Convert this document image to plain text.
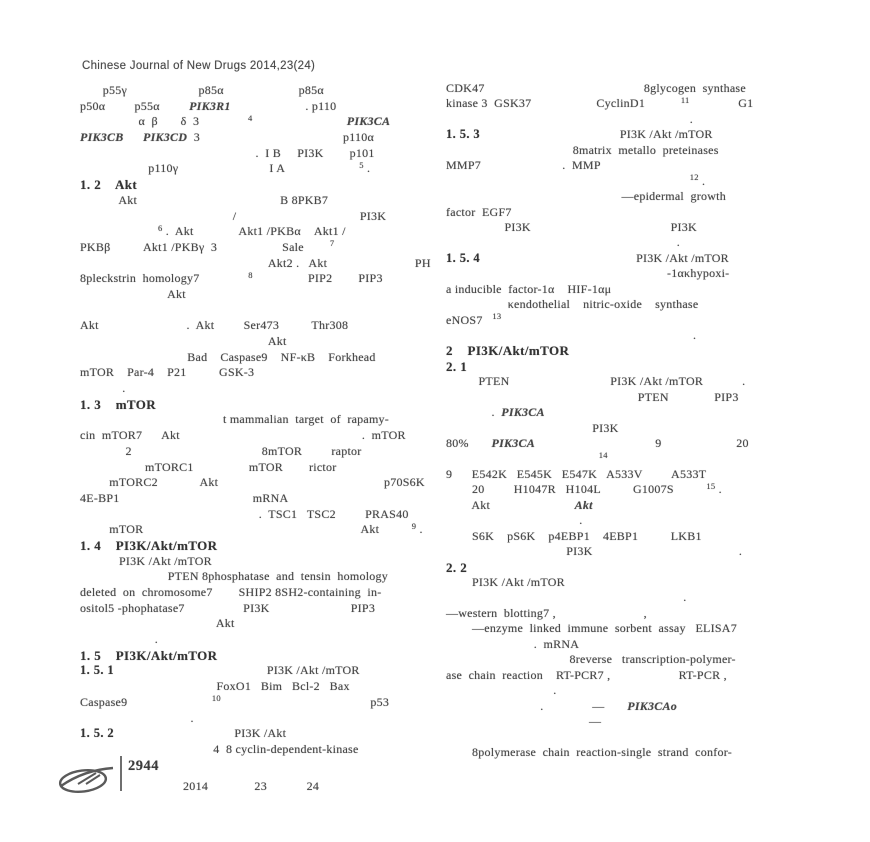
Chinese Journal of New Drugs 2014,23(24)
p55γ                      p85α                       p85α
p50α         p55α         PIK3R1                       . p110
α  β       δ  3               $^4$	PIK3CA
PIK3CB PIK3CD  3                                            p110α
.  I B     PI3K        p101
p110γ                            I A                       $^5$ .
1. 2    Akt
Akt                                            B 8PKB7
/                                      PI3K
$^6$ .  Akt              Akt1 /PKBα    Akt1 /
PKBβ          Akt1 /PKBγ  3                    Sale        $^7$
Akt2 .   Akt                           PH
8pleckstrin  homology7               $^8$                 PIP2        PIP3
Akt
Akt                           .  Akt         Ser473          Thr308
Akt
Bad    Caspase9    NF-κB    Forkhead
mTOR    Par-4    P21          GSK-3
.
1. 3    mTOR
t mammalian  target  of  rapamy-
cin  mTOR7      Akt                                                        .  mTOR
2                                        8mTOR         raptor
mTORC1                 mTOR        rictor
mTORC2             Akt                                                   p70S6K
4E-BP1                                         mRNA
.  TSC1   TSC2         PRAS40
mTOR                                                                   Akt          $^9$ .
1. 4    PI3K/Akt/mTOR
PI3K /Akt /mTOR
PTEN 8phosphatase  and  tensin  homology
deleted  on  chromosome7        SHIP2 8SH2-containing  in-
ositol5 -phophatase7                  PI3K                         PIP3
Akt
.
1. 5    PI3K/Akt/mTOR
1. 5. 1                                               PI3K /Akt /mTOR
FoxO1   Bim   Bcl-2   Bax
Caspase9                          $^{10}$                                              p53
.
1. 5. 2                                     PI3K /Akt
4  8 cyclin-dependent-kinase
CDK47                                                 8glycogen  synthase
kinase 3  GSK37                    CyclinD1           $^{11}$               G1
.
1. 5. 3                                           PI3K /Akt /mTOR
8matrix  metallo  preteinases
MMP7                         .  MMP
$^{12}$ .
—epidermal  growth
factor  EGF7
PI3K                                           PI3K
.
1. 5. 4                                                PI3K /Akt /mTOR
-1ακhypoxi-
a inducible  factor-1α    HIF-1αμ
κendothelial    nitric-oxide    synthase
eNOS7   $^{13}$
.
2    PI3K/Akt/mTOR
2. 1
PTEN                               PI3K /Akt /mTOR            .
PTEN              PIP3
.  PIK3CA
PI3K
80%       PIK3CA                                     9                       20
$^{14}$
9      E542K   E545K   E547K   A533V         A533T
20         H1047R   H104L          G1007S          $^{15}$ .
Akt                          Akt
.
S6K    pS6K    p4EBP1    4EBP1          LKB1
PI3K                                             .
2. 2
PI3K /Akt /mTOR
.
—western  blotting7 ,                           ,
—enzyme  linked  immune  sorbent  assay   ELISA7
.  mRNA
8reverse   transcription-polymer-
ase  chain  reaction    RT-PCR7 ,                     RT-PCR ,
.
.               —       PIK3CAo
—
8polymerase  chain  reaction-single  strand  confor-
2944
2014              23            24
